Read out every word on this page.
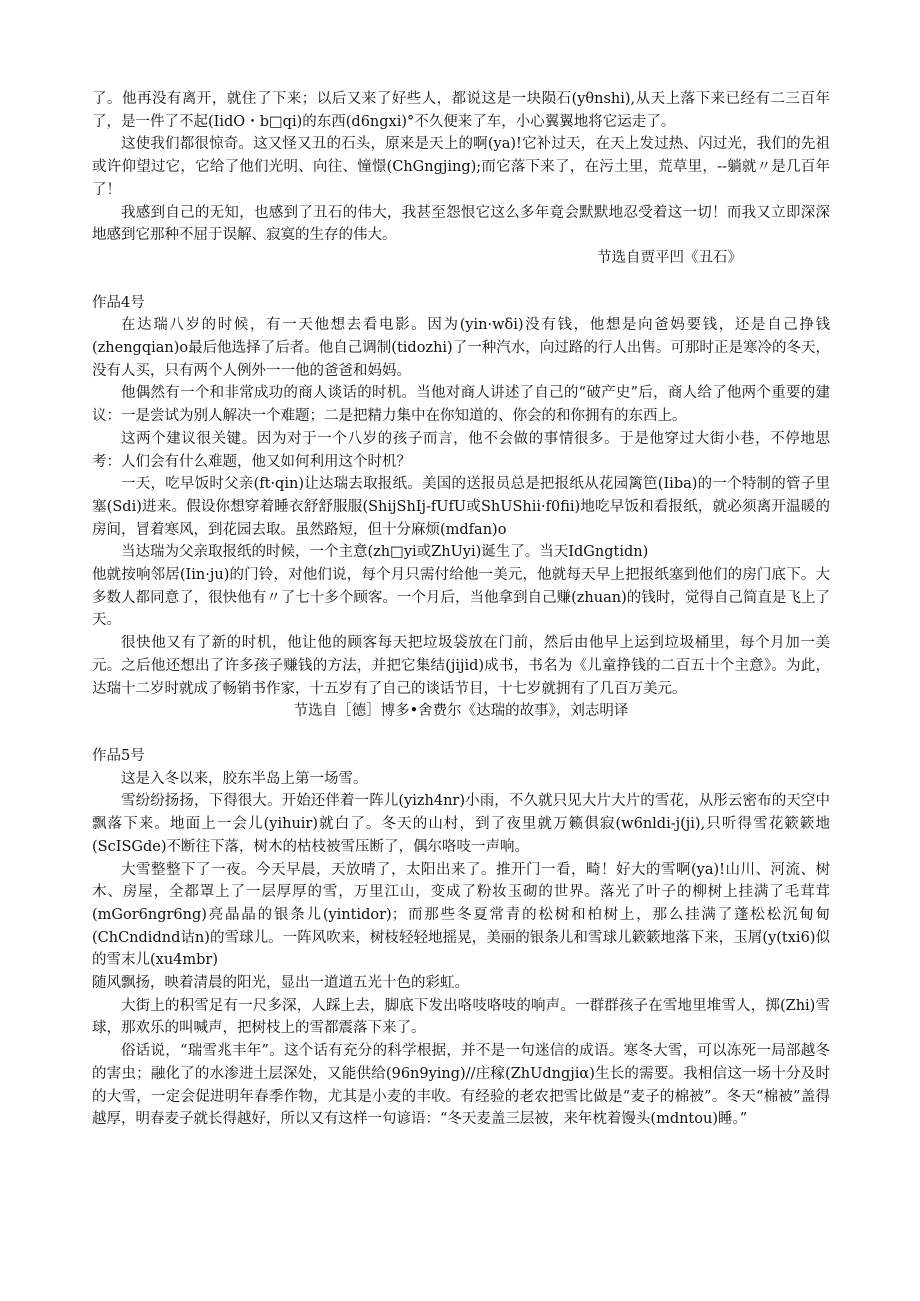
了。他再没有离开，就住了下来；以后又来了好些人，都说这是一块陨石(yθnshi),从天上落下来已经有二三百年了，是一件了不起(IidO・b□qi)的东西(d6ngxi)°不久便来了车，小心翼翼地将它运走了。

这使我们都很惊奇。这又怪又丑的石头，原来是天上的啊(ya)!它补过天，在天上发过热、闪过光，我们的先祖或许仰望过它，它给了他们光明、向往、憧憬(ChGngjing);而它落下来了，在污土里，荒草里，--躺就〃是几百年了！

我感到自己的无知，也感到了丑石的伟大，我甚至怨恨它这么多年竟会默默地忍受着这一切！而我又立即深深地感到它那种不屈于误解、寂寞的生存的伟大。

节选自贾平凹《丑石》

作品4号

在达瑞八岁的时候，有一天他想去看电影。因为(yin·wδi)没有钱，他想是向爸妈要钱，还是自己挣钱(zhengqian)o最后他选择了后者。他自己调制(tidozhi)了一种汽水，向过路的行人出售。可那时正是寒冷的冬天，没有人买，只有两个人例外一一他的爸爸和妈妈。

他偶然有一个和非常成功的商人谈话的时机。当他对商人讲述了自己的“破产史”后，商人给了他两个重要的建议：一是尝试为别人解决一个难题；二是把精力集中在你知道的、你会的和你拥有的东西上。

这两个建议很关键。因为对于一个八岁的孩子而言，他不会做的事情很多。于是他穿过大街小巷，不停地思考：人们会有什么难题，他又如何利用这个时机？

一天，吃早饭时父亲(ft·qin)让达瑞去取报纸。美国的送报员总是把报纸从花园篱笆(Iiba)的一个特制的管子里塞(Sdi)进来。假设你想穿着睡衣舒舒服服(ShijShIj-fUfU或ShUShii·f0fii)地吃早饭和看报纸，就必须离开温暖的房间，冒着寒风，到花园去取。虽然路短，但十分麻烦(mdfan)o

当达瑞为父亲取报纸的时候，一个主意(zh□yi或ZhUyi)诞生了。当天IdGngtidn)

他就按响邻居(Iin·ju)的门铃，对他们说，每个月只需付给他一美元，他就每天早上把报纸塞到他们的房门底下。大多数人都同意了，很快他有〃了七十多个顾客。一个月后，当他拿到自己赚(zhuan)的钱时，觉得自己简直是飞上了天。

很快他又有了新的时机，他让他的顾客每天把垃圾袋放在门前，然后由他早上运到垃圾桶里，每个月加一美元。之后他还想出了许多孩子赚钱的方法，并把它集结(jijid)成书，书名为《儿童挣钱的二百五十个主意》。为此，达瑞十二岁时就成了畅销书作家，十五岁有了自己的谈话节目，十七岁就拥有了几百万美元。

节选自［德］博多•舍费尔《达瑞的故事》，刘志明译

作品5号

这是入冬以来，胶东半岛上第一场雪。

雪纷纷扬扬，下得很大。开始还伴着一阵儿(yizh4nr)小雨，不久就只见大片大片的雪花，从彤云密布的天空中飘落下来。地面上一会儿(yihuir)就白了。冬天的山村，到了夜里就万籁俱寂(w6nldi-j(ji),只听得雪花簌簌地(ScISGde)不断往下落，树木的枯枝被雪压断了，偶尔咯吱一声响。

大雪整整下了一夜。今天早晨，天放晴了，太阳出来了。推开门一看，畸！好大的雪啊(ya)!山川、河流、树木、房屋，全都罩上了一层厚厚的雪，万里江山，变成了粉妆玉砌的世界。落光了叶子的柳树上挂满了毛茸茸(mGor6ngr6ng)亮晶晶的银条儿(yintidor)；而那些冬夏常青的松树和柏树上，那么挂满了蓬松松沉甸甸(ChCndidnd诂n)的雪球儿。一阵风吹来，树枝轻轻地摇晃，美丽的银条儿和雪球儿簌簌地落下来，玉屑(y(txi6)似的雪末儿(xu4mbr)

随风飘扬，映着清晨的阳光，显出一道道五光十色的彩虹。

大街上的积雪足有一尺多深，人踩上去，脚底下发出咯吱咯吱的响声。一群群孩子在雪地里堆雪人，掷(Zhi)雪球，那欢乐的叫喊声，把树枝上的雪都震落下来了。

俗话说，“瑞雪兆丰年”。这个话有充分的科学根据，并不是一句迷信的成语。寒冬大雪，可以冻死一局部越冬的害虫；融化了的水渗进土层深处，又能供给(96n9ying)//庄稼(ZhUdngjiα)生长的需要。我相信这一场十分及时的大雪，一定会促进明年春季作物，尤其是小麦的丰收。有经验的老农把雪比做是“麦子的棉被”。冬天“棉被”盖得越厚，明春麦子就长得越好，所以又有这样一句谚语：“冬天麦盖三层被，来年枕着馒头(mdntou)睡。”
